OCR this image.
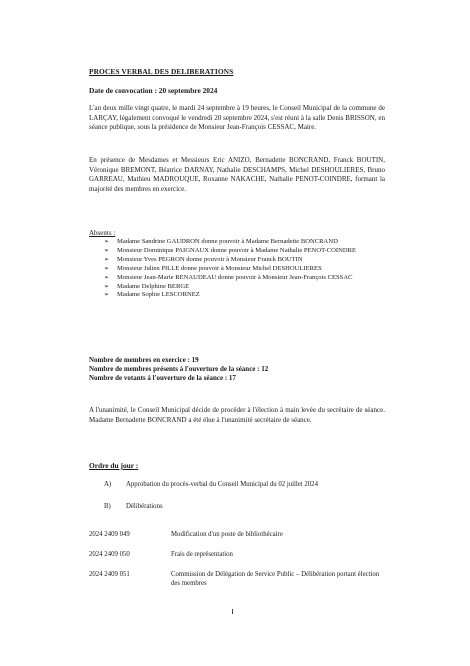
PROCES VERBAL DES DELIBERATIONS
Date de convocation : 20 septembre 2024
L'an deux mille vingt quatre, le mardi 24 septembre à 19 heures, le Conseil Municipal de la commune de LARÇAY, légalement convoqué le vendredi 20 septembre 2024, s'est réuni à la salle Denis BRISSON, en séance publique, sous la présidence de Monsieur Jean-François CESSAC, Maire.
En présence de Mesdames et Messieurs Eric ANIZO, Bernadette BONCRAND, Franck BOUTIN, Véronique BREMONT, Béatrice DARNAY, Nathalie DESCHAMPS, Michel DESHOULIERES, Bruno GARREAU, Mathieu MADROUQUE, Roxanne NAKACHE, Nathalie PENOT-COINDRE, formant la majorité des membres en exercice.
Absents :
➢ Madame Sandrine GAUDRON donne pouvoir à Madame Bernadette BONCRAND
➢ Monsieur Dominique PAIGNAUX donne pouvoir à Madame Nathalie PENOT-COINDRE
➢ Monsieur Yves PEGRON donne pouvoir à Monsieur Franck BOUTIN
➢ Monsieur Julien PILLE donne pouvoir à Monsieur Michel DESHOULIERES
➢ Monsieur Jean-Marie RENAUDEAU donne pouvoir à Monsieur Jean-François CESSAC
➢ Madame Delphine BERGE
➢ Madame Sophie LESCORNEZ
Nombre de membres en exercice : 19
Nombre de membres présents à l'ouverture de la séance : 12
Nombre de votants à l'ouverture de la séance : 17
A l'unanimité, le Conseil Municipal décide de procéder à l'élection à main levée du secrétaire de séance. Madame Bernadette BONCRAND a été élue à l'unanimité secrétaire de séance.
Ordre du jour :
A) Approbation du procès-verbal du Conseil Municipal du 02 juillet 2024
B) Délibérations
2024 2409 049	Modification d'un poste de bibliothécaire
2024 2409 050	Frais de représentation
2024 2409 051	Commission de Délégation de Service Public – Délibération portant élection des membres
